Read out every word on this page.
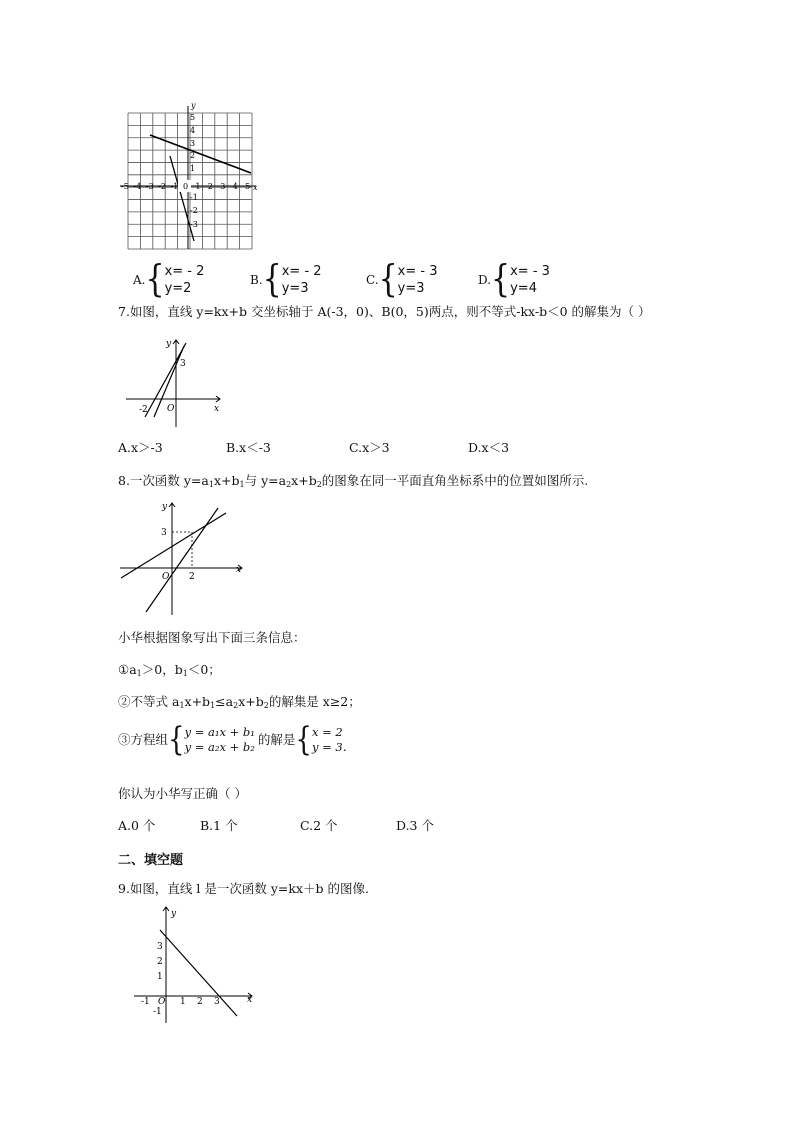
-5 -4 -3 -2 -1 0 1 2 3 4 5
5
4
3
2
1
-1
-2
-3
x
y
A. { x= - 2
y=2
B. { x= - 2
y=3
C. { x= - 3
y=3
D. { x= - 3
y=4
7.如图，直线 y=kx+b 交坐标轴于 A(-3，0)、B(0，5)两点，则不等式-kx-b＜0 的解集为（ ）
x
y
3
-2 O
A.x＞-3	B.x＜-3	C.x＞3	D.x＜3
8.一次函数 $y=a_1x+b_1$与 $y=a_2x+b_2$的图象在同一平面直角坐标系中的位置如图所示.
x
y
3
2
O
小华根据图象写出下面三条信息：
$①a_1>0$，$b_1<0$；
②不等式 $a_1x+b_1\le a_2x+b_2$的解集是 x≥2；
③方程组 { y = a₁x + b₁
y = a₂x + b₂ 的解是 { x = 2
y = 3 .
你认为小华写正确（ ）
A.0 个	B.1 个	C.2 个	D.3 个
二、填空题
9.如图，直线 l 是一次函数 y=kx＋b 的图像.
-1	1 2 3
3
2
1
-1
x
y
O
